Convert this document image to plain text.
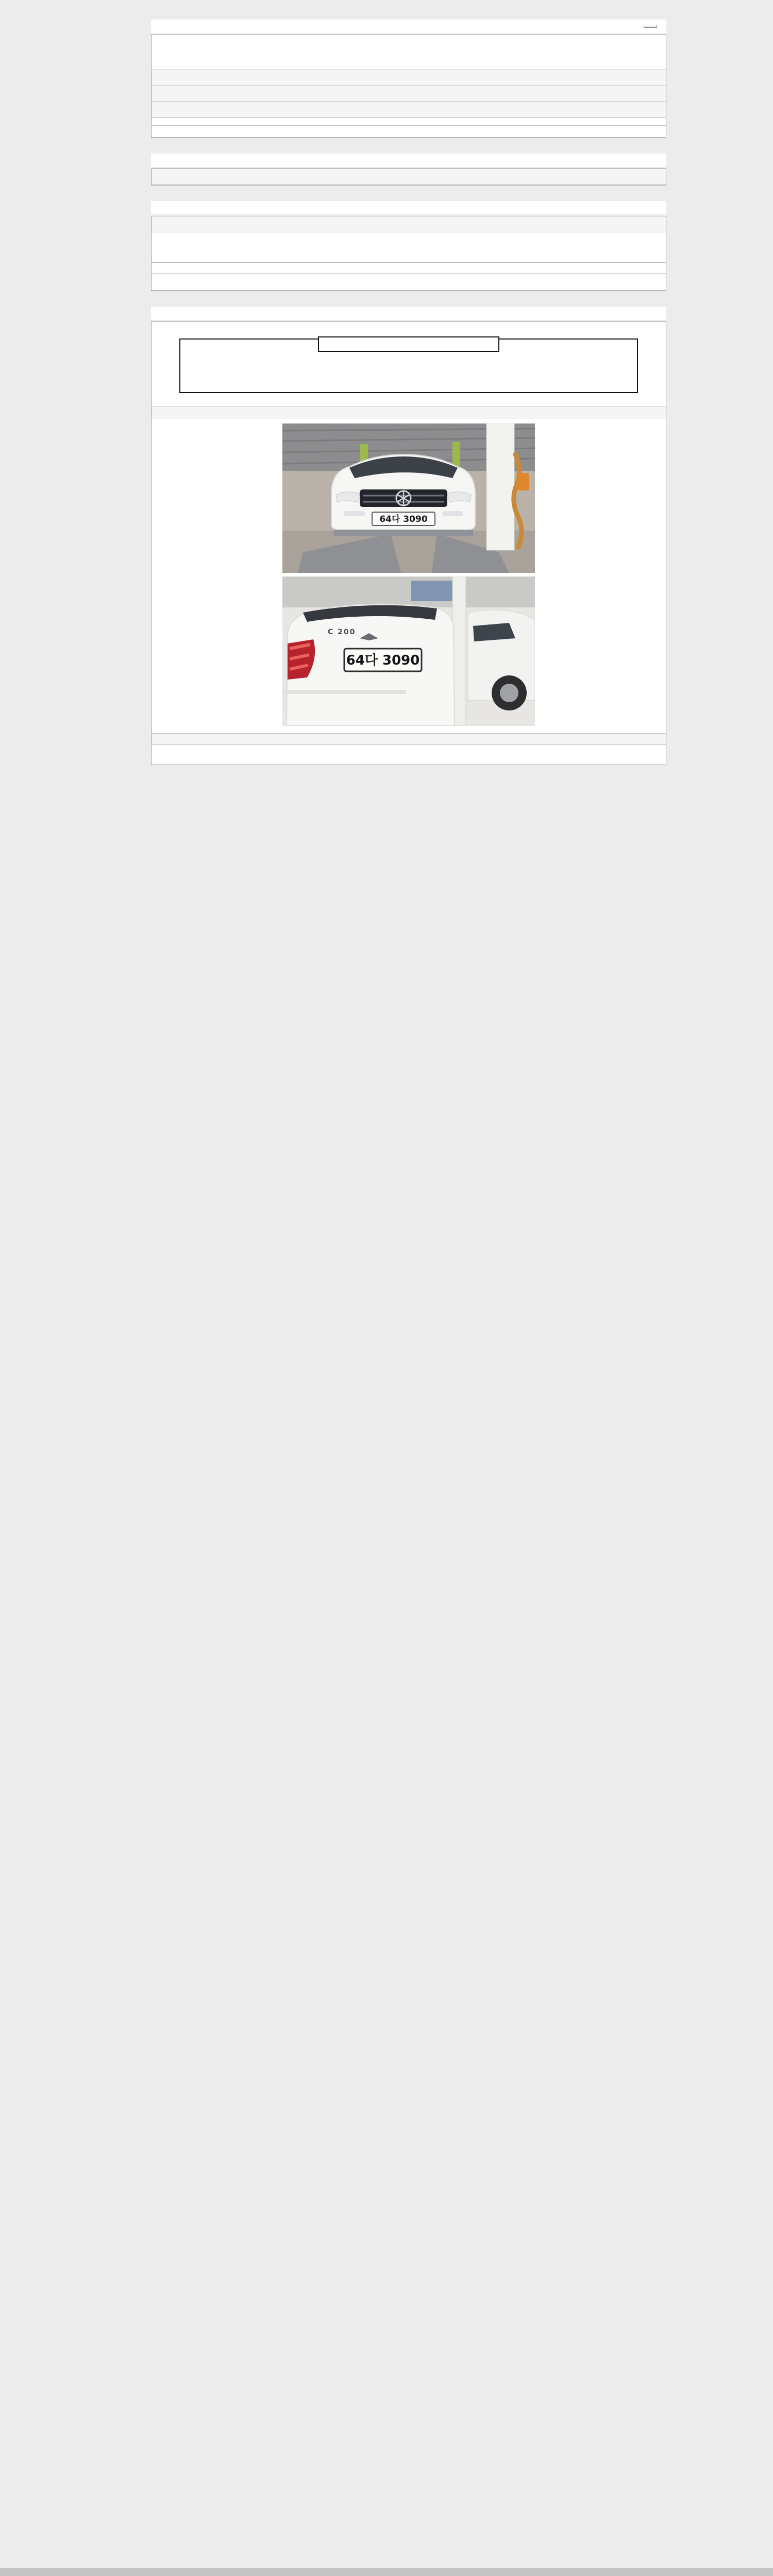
64다 3090
64다 3090
C 200
